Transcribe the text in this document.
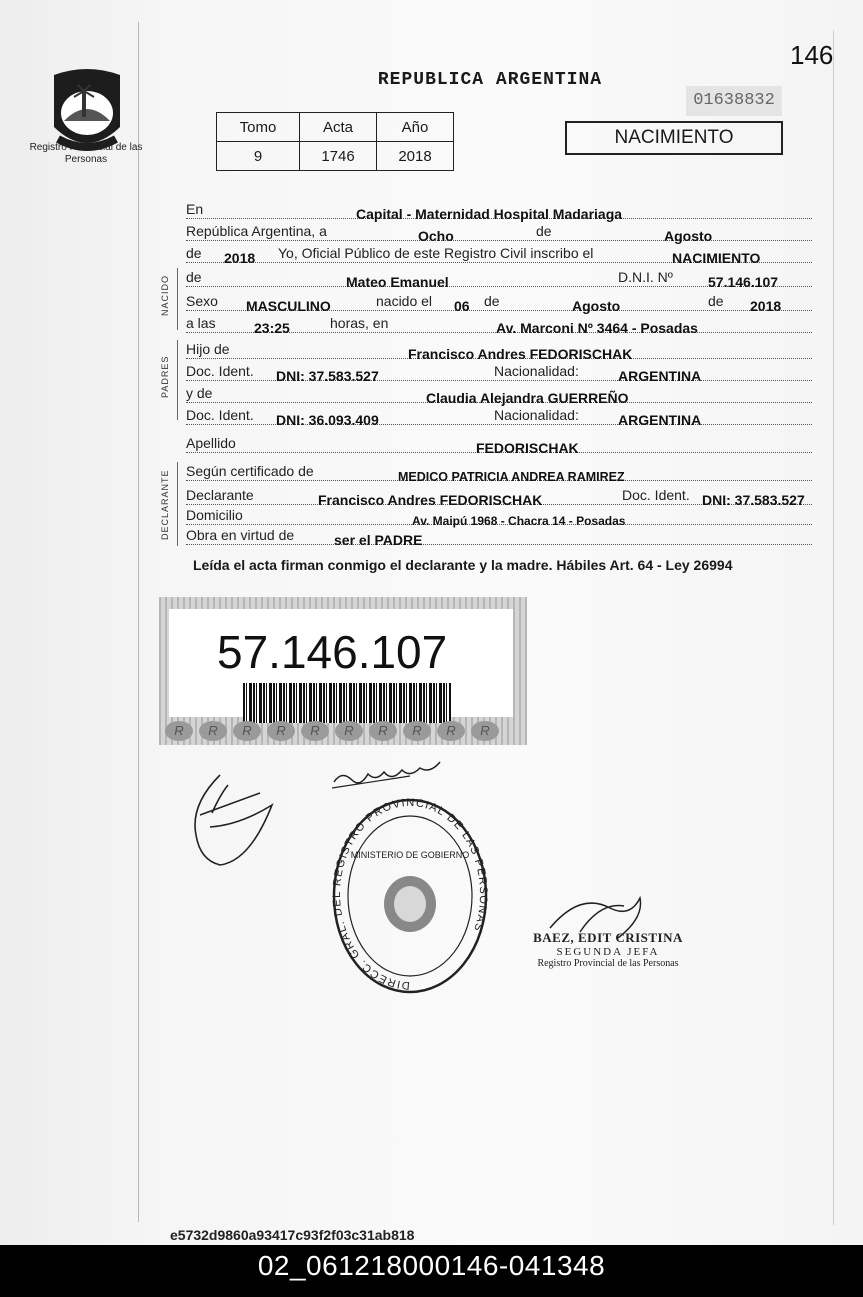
Registro Provincial de las Personas
146
REPUBLICA ARGENTINA
01638832
NACIMIENTO
Tomo	Acta	Año
9	1746	2018
En	Capital - Maternidad Hospital Madariaga
República Argentina, a	Ocho	de	Agosto
de 2018 Yo, Oficial Público de este Registro Civil inscribo el	NACIMIENTO
NACIDO de	Mateo Emanuel	D.N.I. Nº	57.146.107
Sexo MASCULINO	nacido el 06 de	Agosto	de 2018
a las	23:25	horas, en	Av. Marconi Nº 3464 - Posadas
PADRES
Hijo de	Francisco Andres FEDORISCHAK
Doc. Ident. DNI: 37.583.527	Nacionalidad:	ARGENTINA
y de	Claudia Alejandra GUERREÑO
Doc. Ident. DNI: 36.093.409	Nacionalidad:	ARGENTINA
Apellido	FEDORISCHAK
DECLARANTE Según certificado de	MEDICO PATRICIA ANDREA RAMIREZ
Declarante	Francisco Andres FEDORISCHAK	Doc. Ident. DNI: 37.583.527
Domicilio	Av. Maipú 1968 - Chacra 14 - Posadas
Obra en virtud de	ser el PADRE
Leída el acta firman conmigo el declarante y la madre. Hábiles Art. 64 - Ley 26994
57.146.107
R	R	R	R	R	R	R	R	R	R
DIRECC. GRAL. DEL REGISTRO PROVINCIAL DE LAS PERSONAS
MINISTERIO DE GOBIERNO
BAEZ, EDIT CRISTINA
SEGUNDA JEFA
Registro Provincial de las Personas
e5732d9860a93417c93f2f03c31ab818
02_061218000146-041348
